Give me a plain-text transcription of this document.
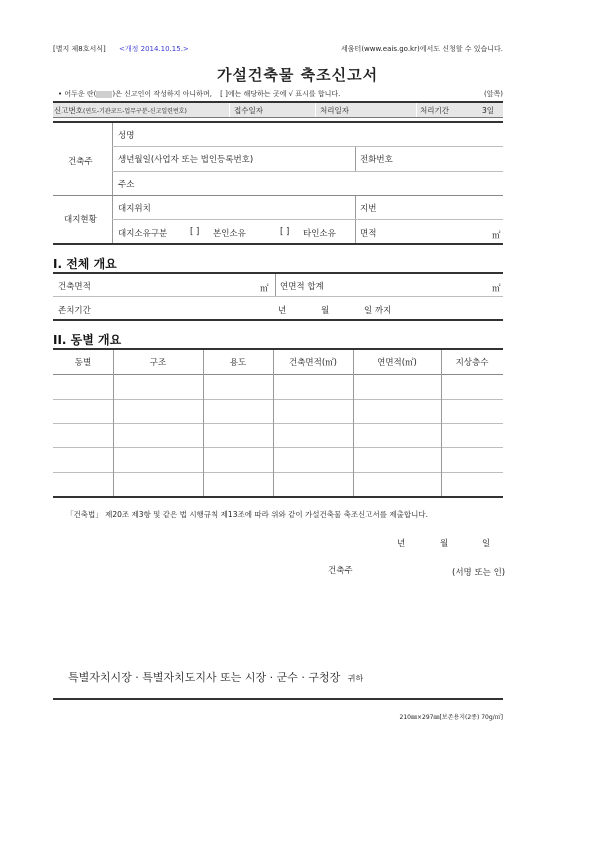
[별지 제8호서식] <개정 2014.10.15.>	세움터(www.eais.go.kr)에서도 신청할 수 있습니다.
가설건축물 축조신고서
• 어두운 란( )은 신고인이 작성하지 아니하며, [ ]에는 해당하는 곳에 √ 표시를 합니다.	(앞쪽)
신고번호(연도-기관코드-업무구분-신고일련번호)	접수일자	처리일자	처리기간	3일
건축주
성명
생년월일(사업자 또는 법인등록번호)	전화번호
주소
대지현황
대지위치	지번
대지소유구분	[ ] 본인소유	[ ] 타인소유	면적	㎡
I. 전체 개요
건축면적	㎡ 연면적 합계	㎡
존치기간	년	월	일 까지
II. 동별 개요
동별	구조	용도	건축면적(㎡)	연면적(㎡)	지상층수
「건축법」 제20조 제3항 및 같은 법 시행규칙 제13조에 따라 위와 같이 가설건축물 축조신고서를 제출합니다.
년	월	일
건축주	(서명 또는 인)
특별자치시장 · 특별자치도지사 또는 시장 · 군수 · 구청장 귀하
210㎜×297㎜[보존용지(2종) 70g/㎡]
